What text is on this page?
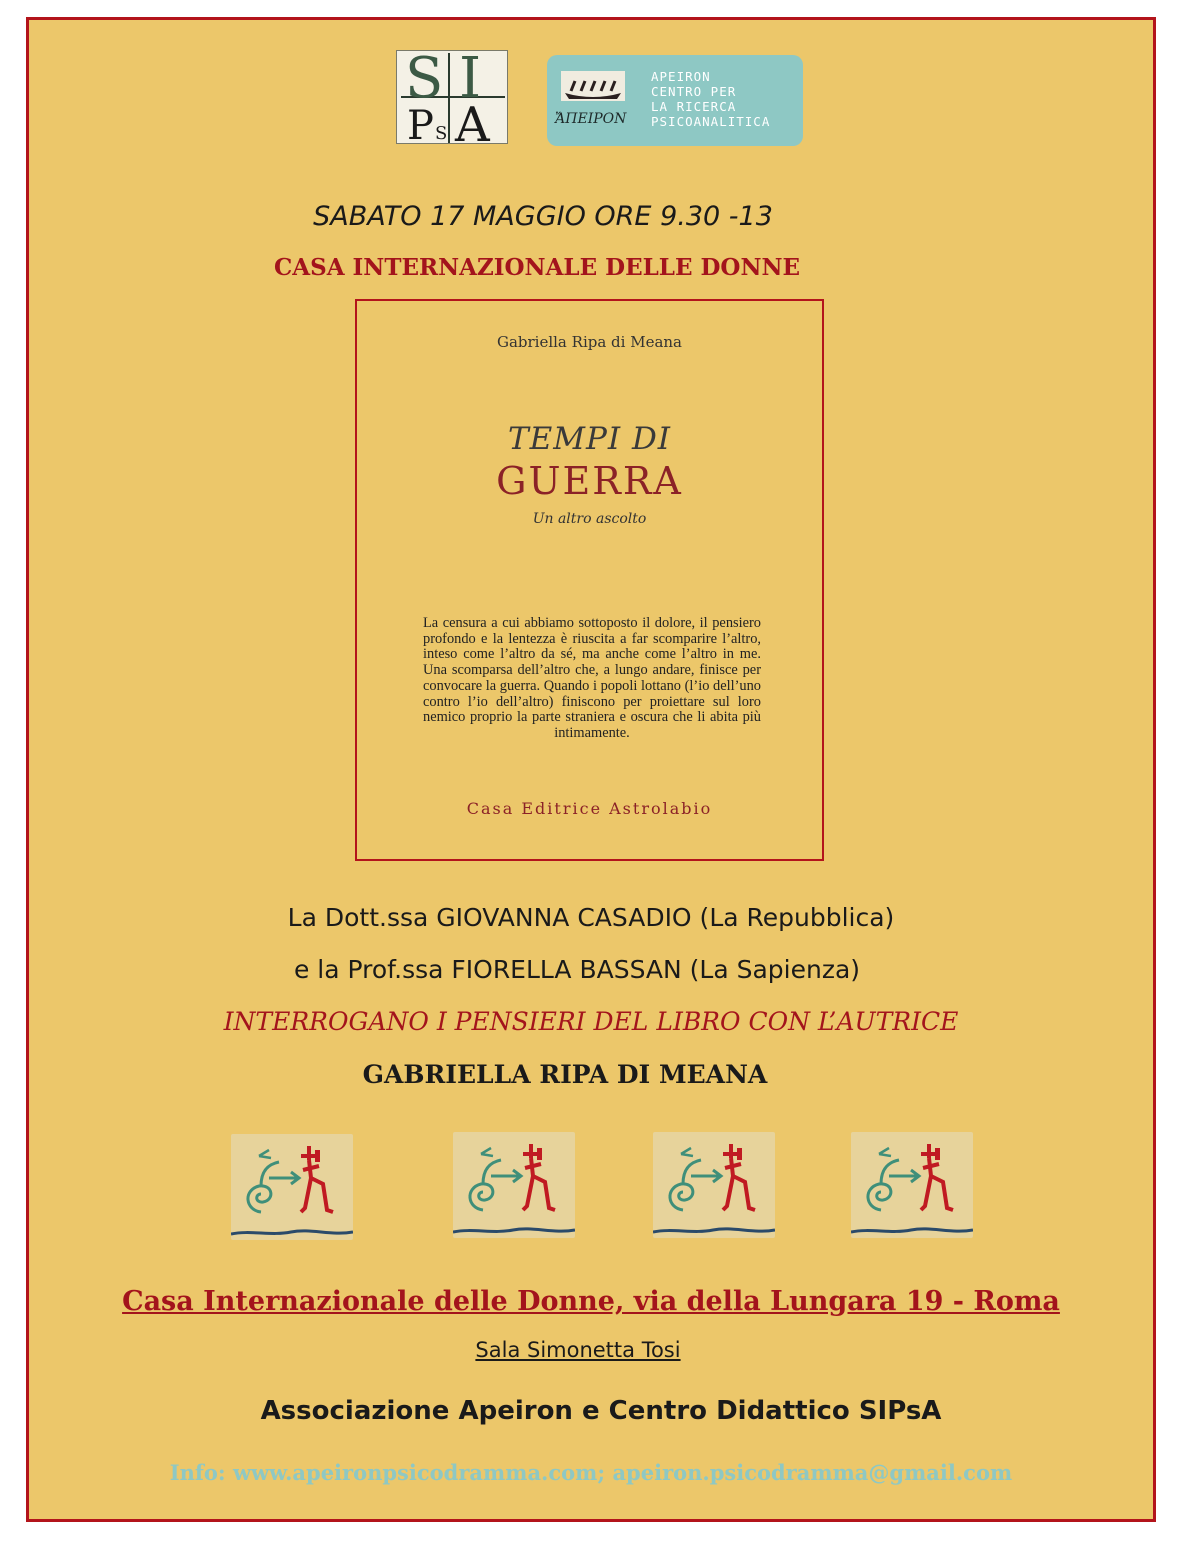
S I
P S A
APEIRON
CENTRO PER
LA RICERCA
PSICOANALITICA
ἌΠΕΙΡΟΝ
SABATO 17 MAGGIO ORE 9.30 -13
CASA INTERNAZIONALE DELLE DONNE
Gabriella Ripa di Meana
TEMPI DI
GUERRA
Un altro ascolto
La censura a cui abbiamo sottoposto il dolore, il pensiero profondo e la lentezza è riuscita a far scomparire l’altro, inteso come l’altro da sé, ma anche come l’altro in me. Una scomparsa dell’altro che, a lungo andare, finisce per convocare la guerra. Quando i popoli lottano (l’io dell’uno contro l’io dell’altro) finiscono per proiettare sul loro nemico proprio la parte straniera e oscura che li abita più intimamente.
Casa Editrice Astrolabio
La Dott.ssa GIOVANNA CASADIO (La Repubblica)
e la Prof.ssa FIORELLA BASSAN (La Sapienza)
INTERROGANO I PENSIERI DEL LIBRO CON L’AUTRICE
GABRIELLA RIPA DI MEANA
Casa Internazionale delle Donne, via della Lungara 19 - Roma
Sala Simonetta Tosi
Associazione Apeiron e Centro Didattico SIPsA
Info: www.apeironpsicodramma.com; apeiron.psicodramma@gmail.com
